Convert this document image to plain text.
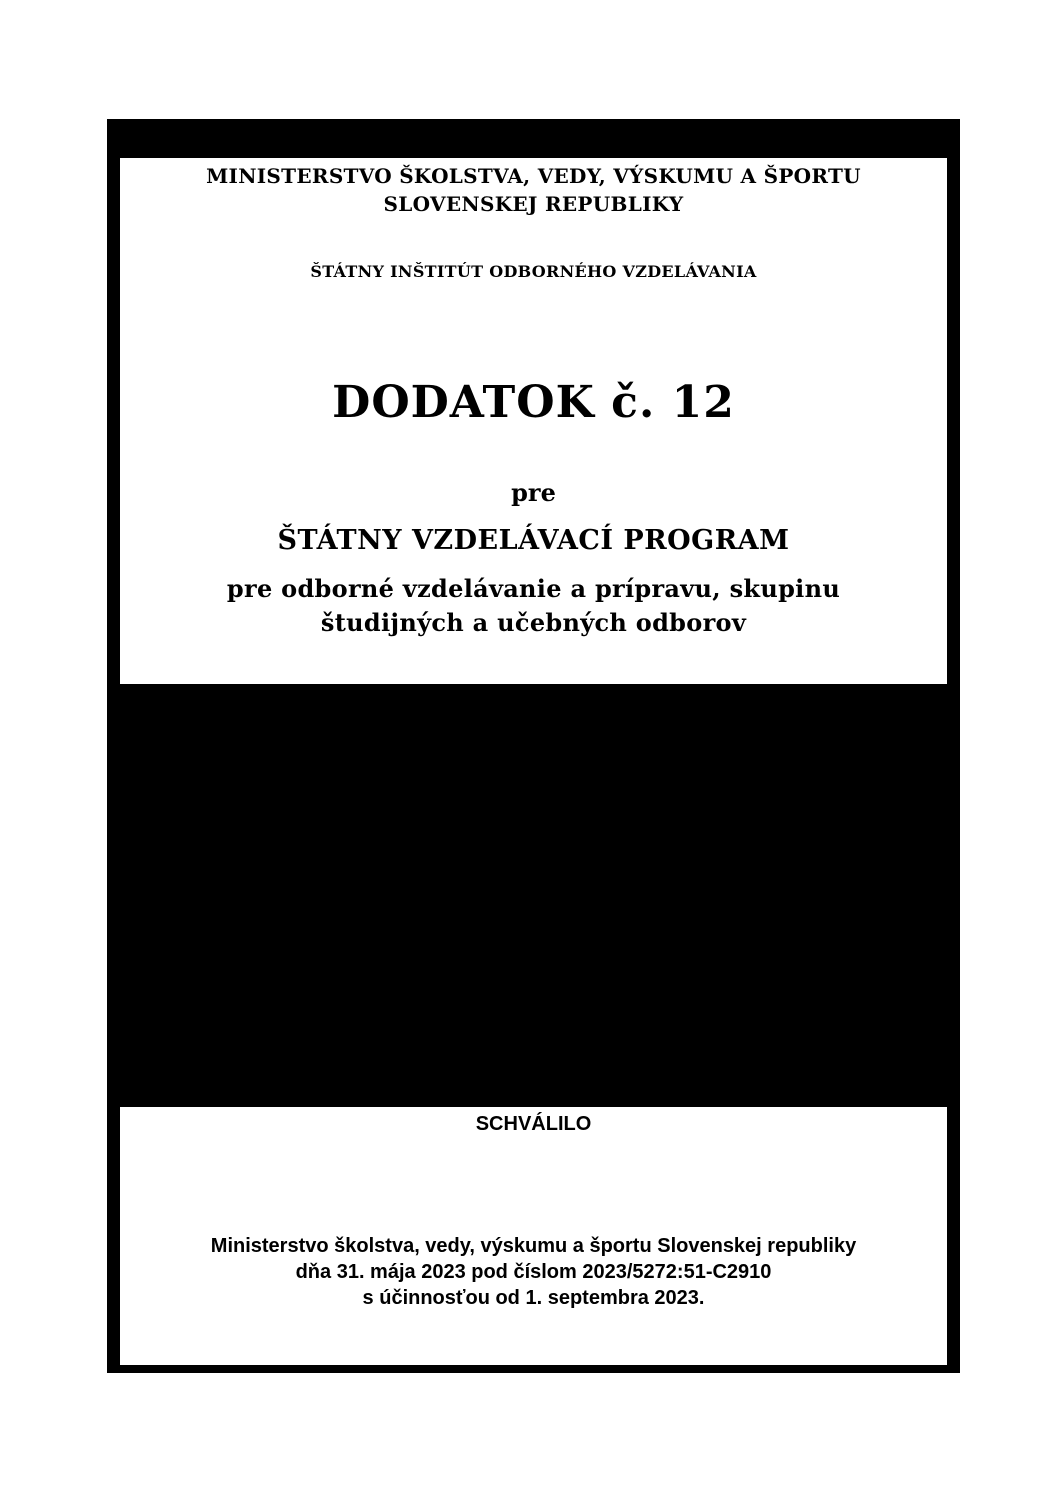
MINISTERSTVO ŠKOLSTVA, VEDY, VÝSKUMU A ŠPORTU
SLOVENSKEJ REPUBLIKY
ŠTÁTNY INŠTITÚT ODBORNÉHO VZDELÁVANIA
DODATOK č. 12
pre
ŠTÁTNY VZDELÁVACÍ PROGRAM
pre odborné vzdelávanie a prípravu, skupinu
študijných a učebných odborov
SCHVÁLILO
Ministerstvo školstva, vedy, výskumu a športu Slovenskej republiky
dňa 31. mája 2023 pod číslom 2023/5272:51-C2910
s účinnosťou od 1. septembra 2023.
